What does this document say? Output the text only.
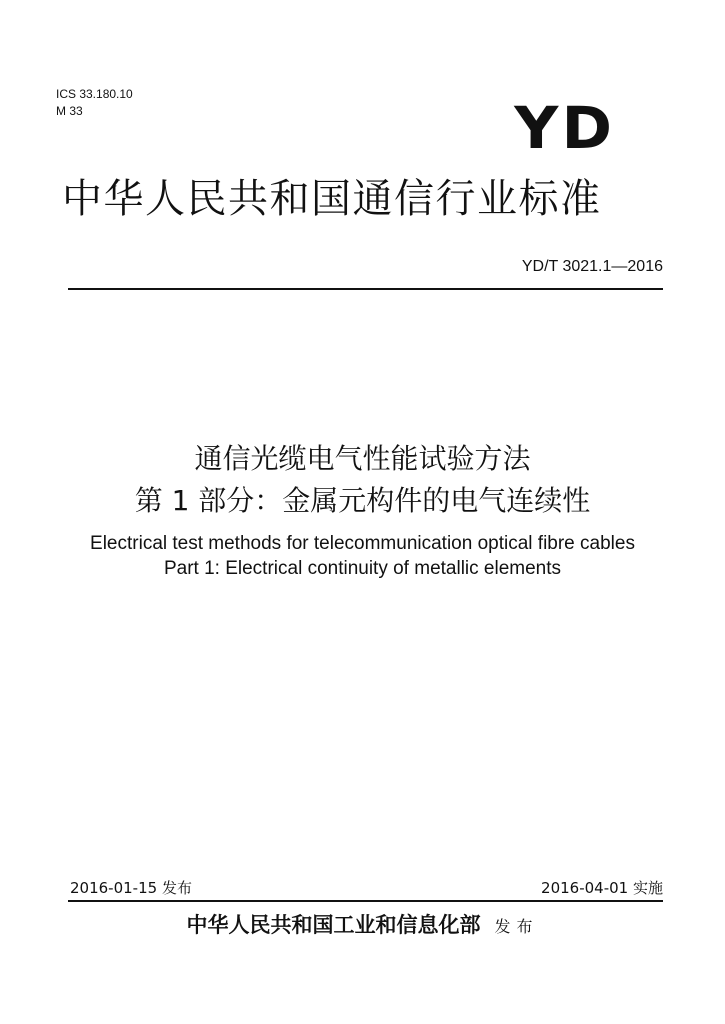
ICS 33.180.10
M 33	YD
中华人民共和国通信行业标准
YD/T 3021.1—2016
通信光缆电气性能试验方法
第 1 部分：金属元构件的电气连续性
Electrical test methods for telecommunication optical fibre cables
Part 1: Electrical continuity of metallic elements
2016-01-15 发布	2016-04-01 实施
中华人民共和国工业和信息化部 发布
